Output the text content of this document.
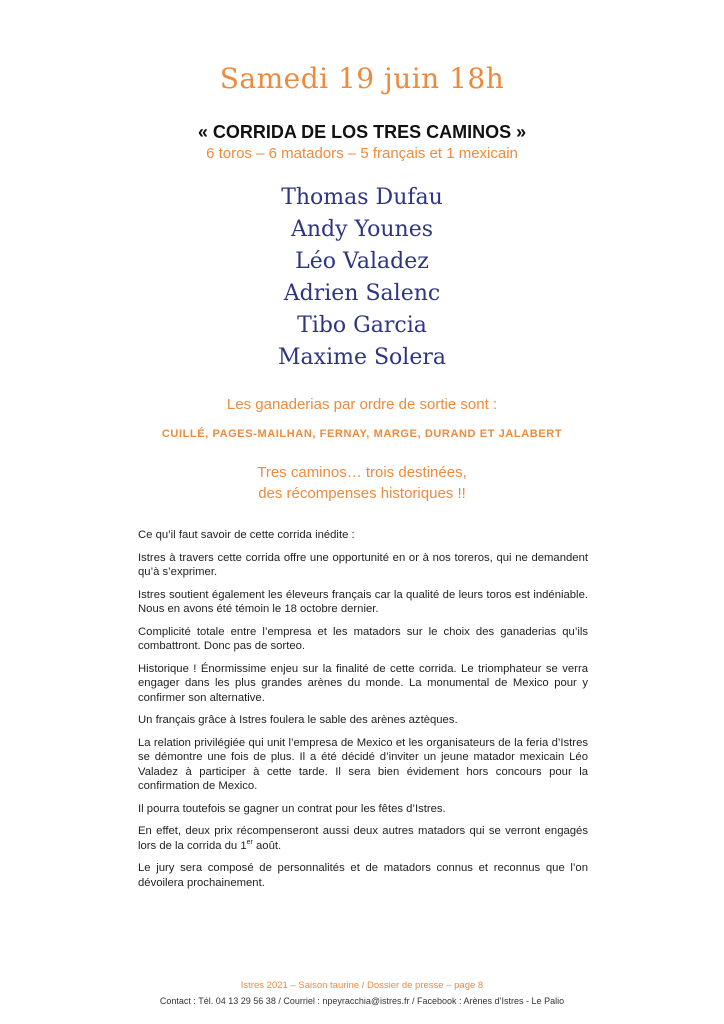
Samedi 19 juin 18h
« CORRIDA DE LOS TRES CAMINOS »
6 toros – 6 matadors – 5 français et 1 mexicain
Thomas Dufau
Andy Younes
Léo Valadez
Adrien Salenc
Tibo Garcia
Maxime Solera
Les ganaderias par ordre de sortie sont :
CUILLÉ, PAGES-MAILHAN, FERNAY, MARGE, DURAND ET JALABERT
Tres caminos… trois destinées,
des récompenses historiques !!

Ce qu’il faut savoir de cette corrida inédite :

Istres à travers cette corrida offre une opportunité en or à nos toreros, qui ne demandent qu’à s’exprimer.

Istres soutient également les éleveurs français car la qualité de leurs toros est indéniable. Nous en avons été témoin le 18 octobre dernier.

Complicité totale entre l’empresa et les matadors sur le choix des ganaderias qu’ils combattront. Donc pas de sorteo.

Historique ! Énormissime enjeu sur la finalité de cette corrida. Le triomphateur se verra engager dans les plus grandes arènes du monde. La monumental de Mexico pour y confirmer son alternative.

Un français grâce à Istres foulera le sable des arènes aztèques.

La relation privilégiée qui unit l’empresa de Mexico et les organisateurs de la feria d’Istres se démontre une fois de plus. Il a été décidé d’inviter un jeune matador mexicain Léo Valadez à participer à cette tarde. Il sera bien évidement hors concours pour la confirmation de Mexico.

Il pourra toutefois se gagner un contrat pour les fêtes d’Istres.

En effet, deux prix récompenseront aussi deux autres matadors qui se verront engagés lors de la corrida du 1er août.

Le jury sera composé de personnalités et de matadors connus et reconnus que l’on dévoilera prochainement.

Istres 2021 – Saison taurine / Dossier de presse – page 8
Contact : Tél. 04 13 29 56 38 / Courriel : npeyracchia@istres.fr / Facebook : Arènes d’Istres - Le Palio
